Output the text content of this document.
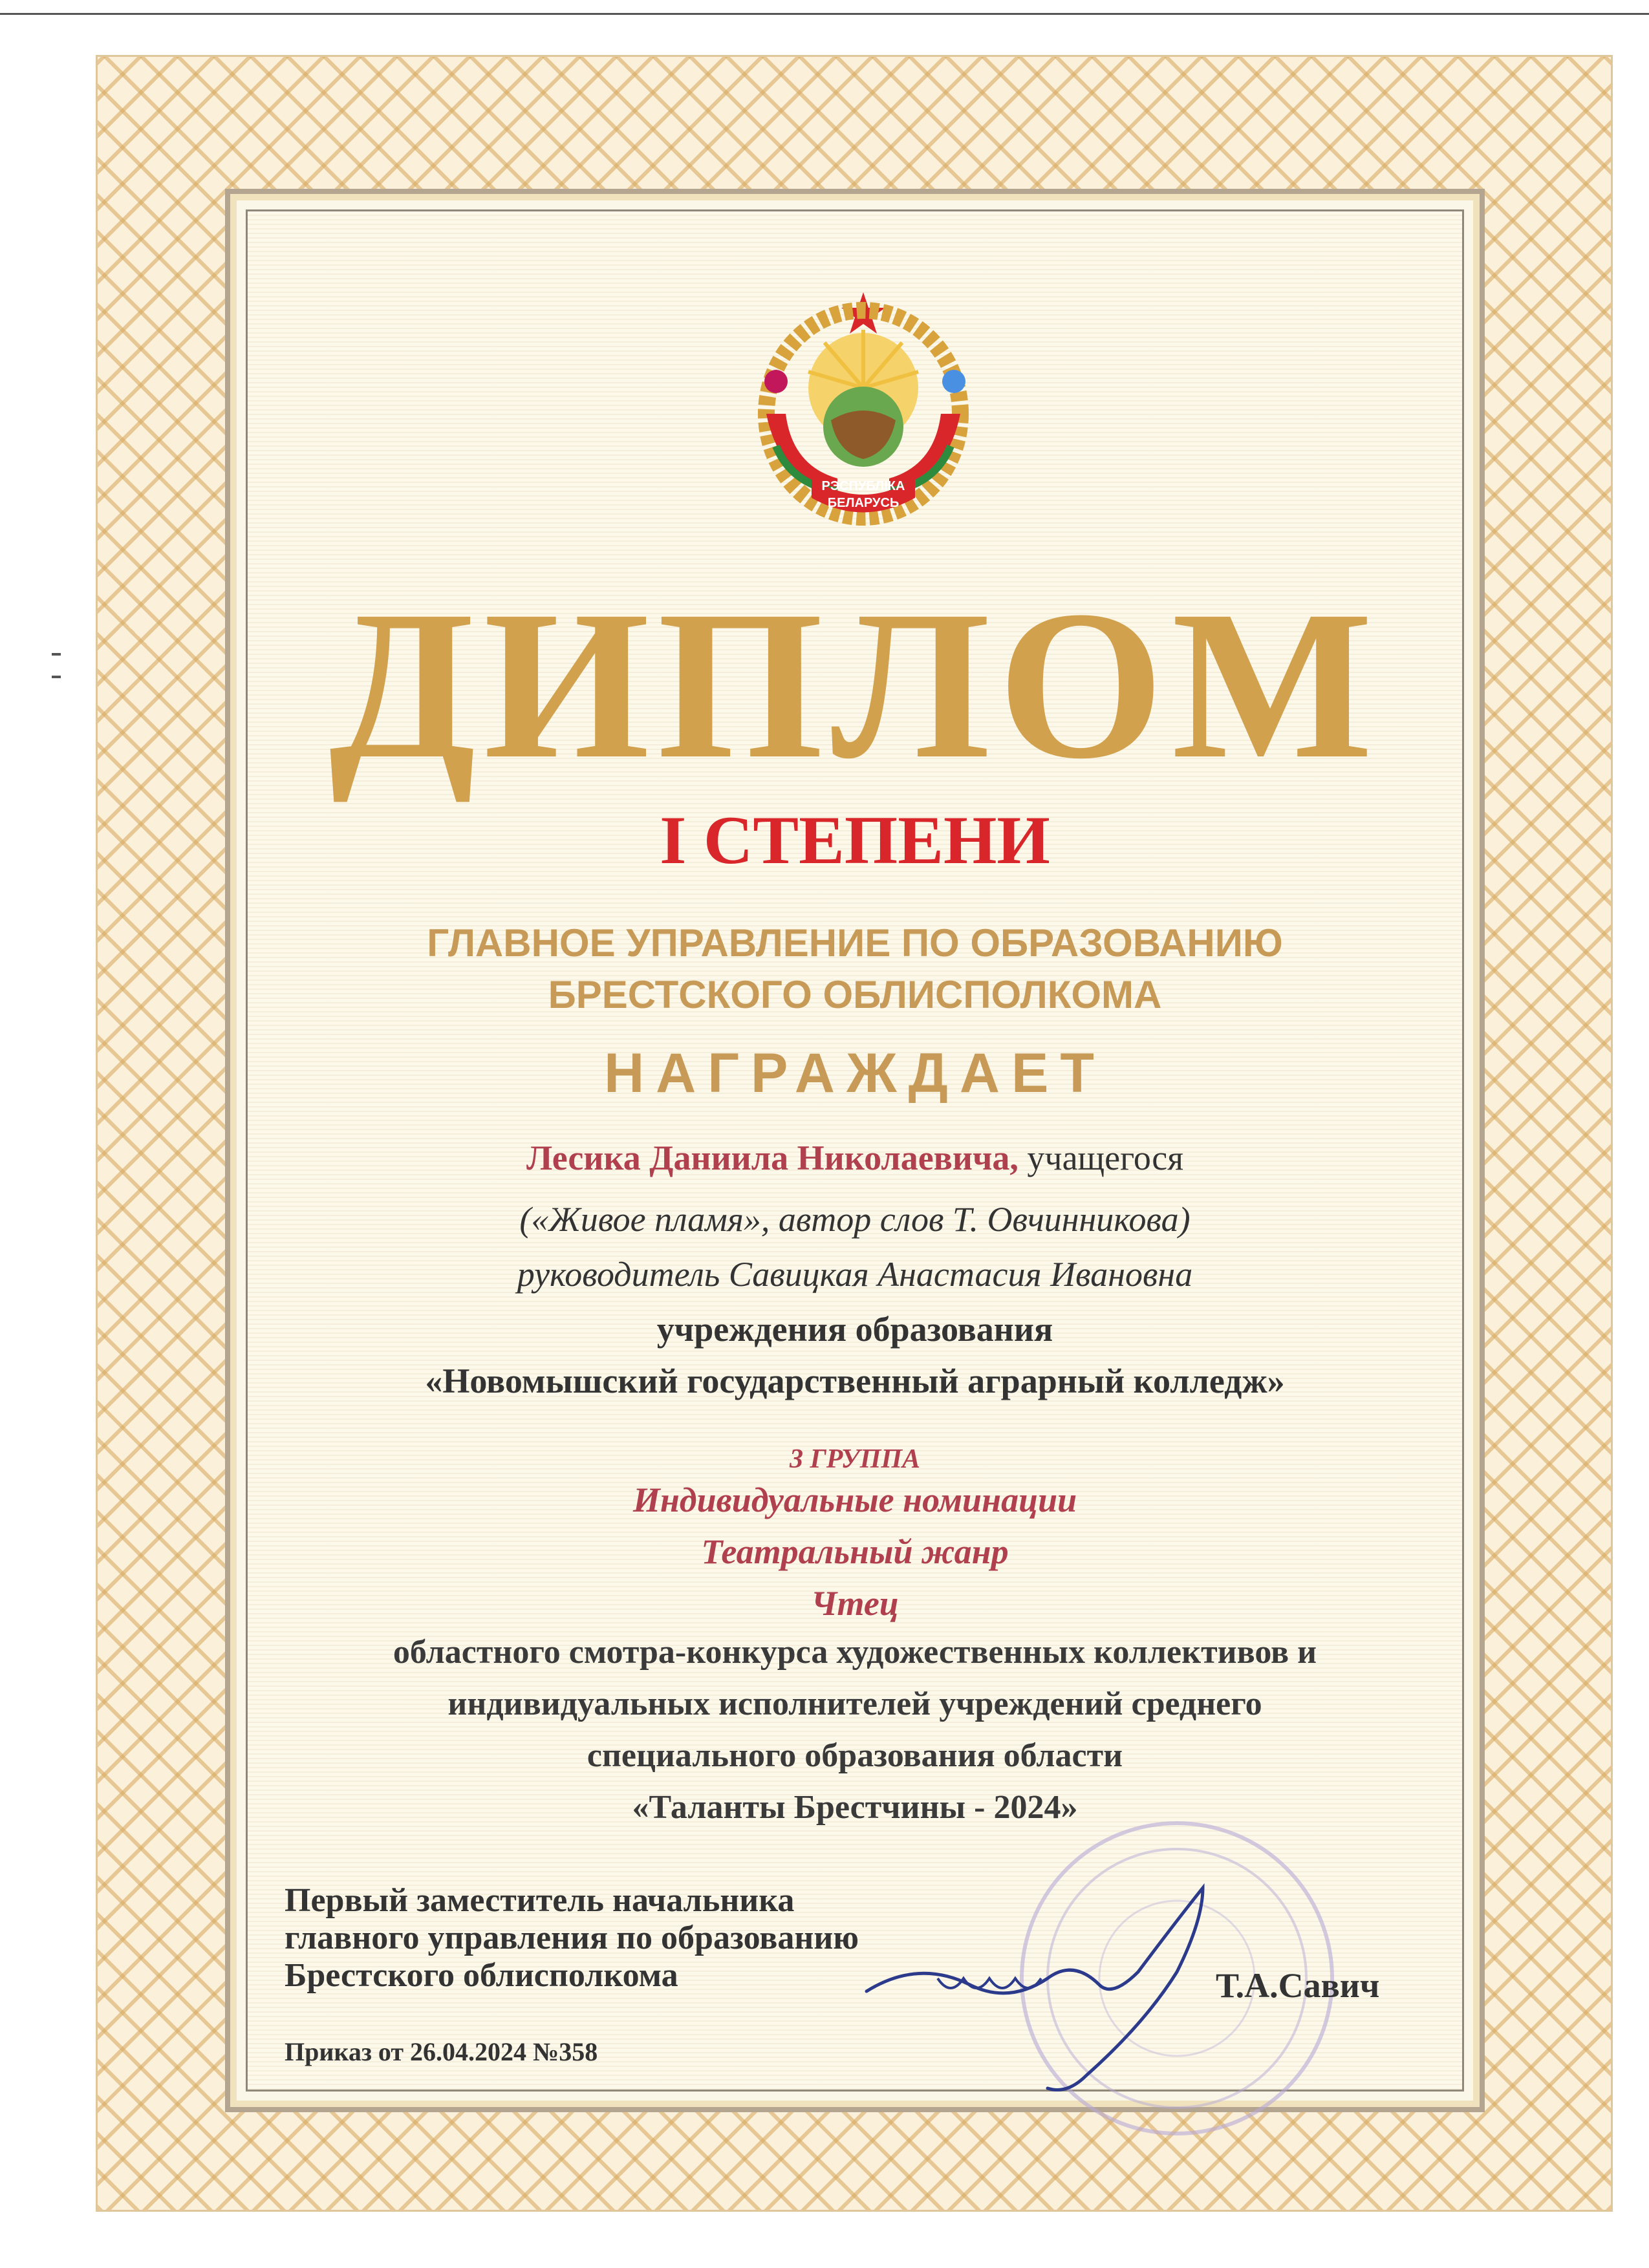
РЭСПУБЛІКА
БЕЛАРУСЬ
ДИПЛОМ
I СТЕПЕНИ
ГЛАВНОЕ УПРАВЛЕНИЕ ПО ОБРАЗОВАНИЮ
БРЕСТСКОГО ОБЛИСПОЛКОМА
НАГРАЖДАЕТ
Лесика Даниила Николаевича, учащегося
(«Живое пламя», автор слов Т. Овчинникова)
руководитель Савицкая Анастасия Ивановна
учреждения образования
«Новомышский государственный аграрный колледж»
3 ГРУППА
Индивидуальные номинации
Театральный жанр
Чтец
областного смотра-конкурса художественных коллективов и
индивидуальных исполнителей учреждений среднего
специального образования области
«Таланты Брестчины - 2024»
Первый заместитель начальника
главного управления по образованию
Брестского облисполкома	Т.А.Савич
Приказ от 26.04.2024 №358
